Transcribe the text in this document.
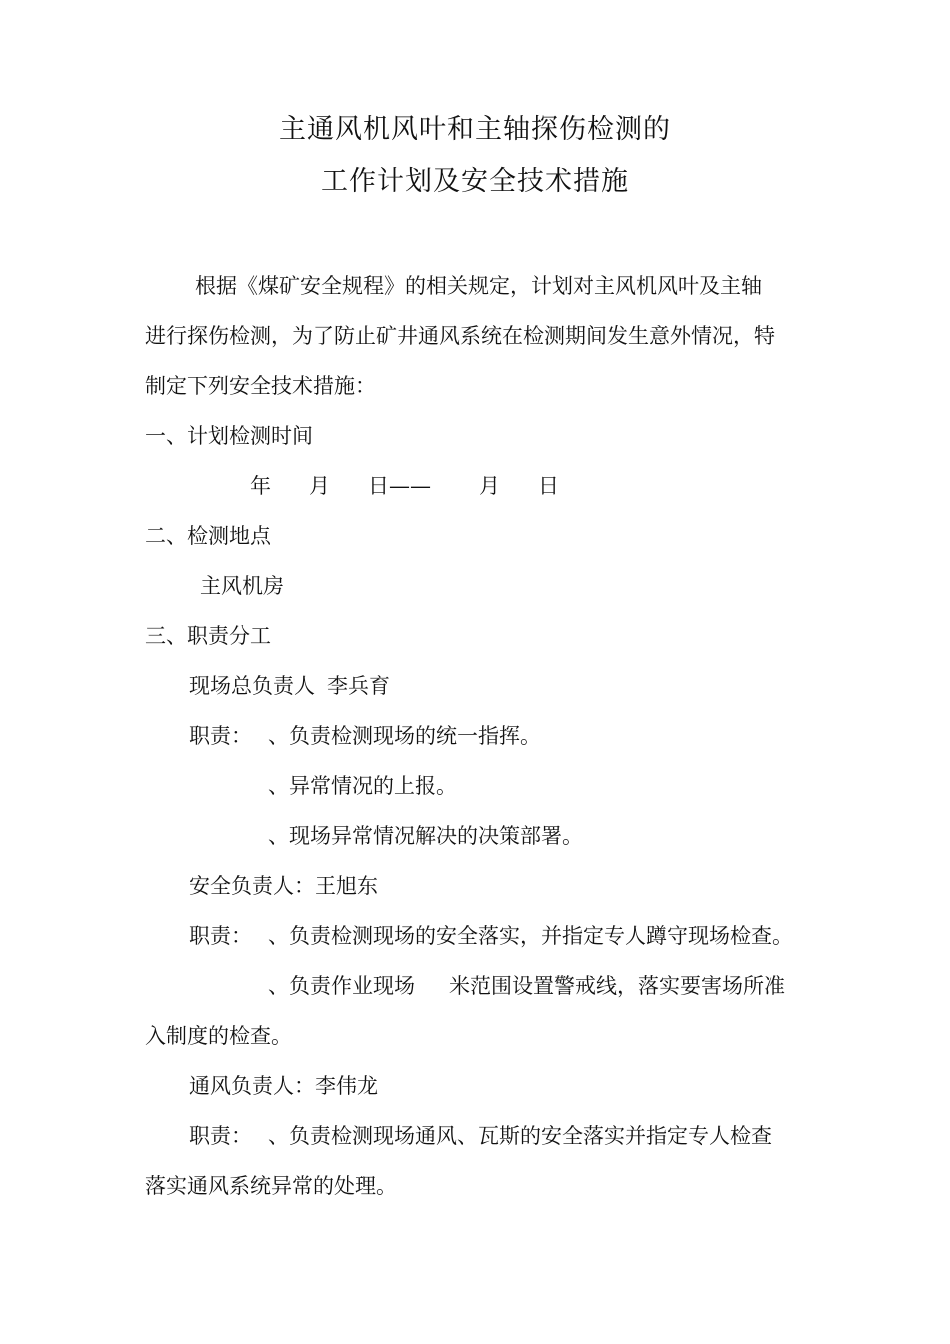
主通风机风叶和主轴探伤检测的
工作计划及安全技术措施
根据《煤矿安全规程》的相关规定，计划对主风机风叶及主轴
进行探伤检测，为了防止矿井通风系统在检测期间发生意外情况，特
制定下列安全技术措施：
一、计划检测时间
年 月 日—— 月 日
二、检测地点
主风机房
三、职责分工
现场总负责人 李兵育
职责： 、负责检测现场的统一指挥。
、异常情况的上报。
、现场异常情况解决的决策部署。
安全负责人：王旭东
职责： 、负责检测现场的安全落实，并指定专人蹲守现场检查。
、负责作业现场 米范围设置警戒线，落实要害场所准
入制度的检查。
通风负责人：李伟龙
职责： 、负责检测现场通风、瓦斯的安全落实并指定专人检查
落实通风系统异常的处理。
